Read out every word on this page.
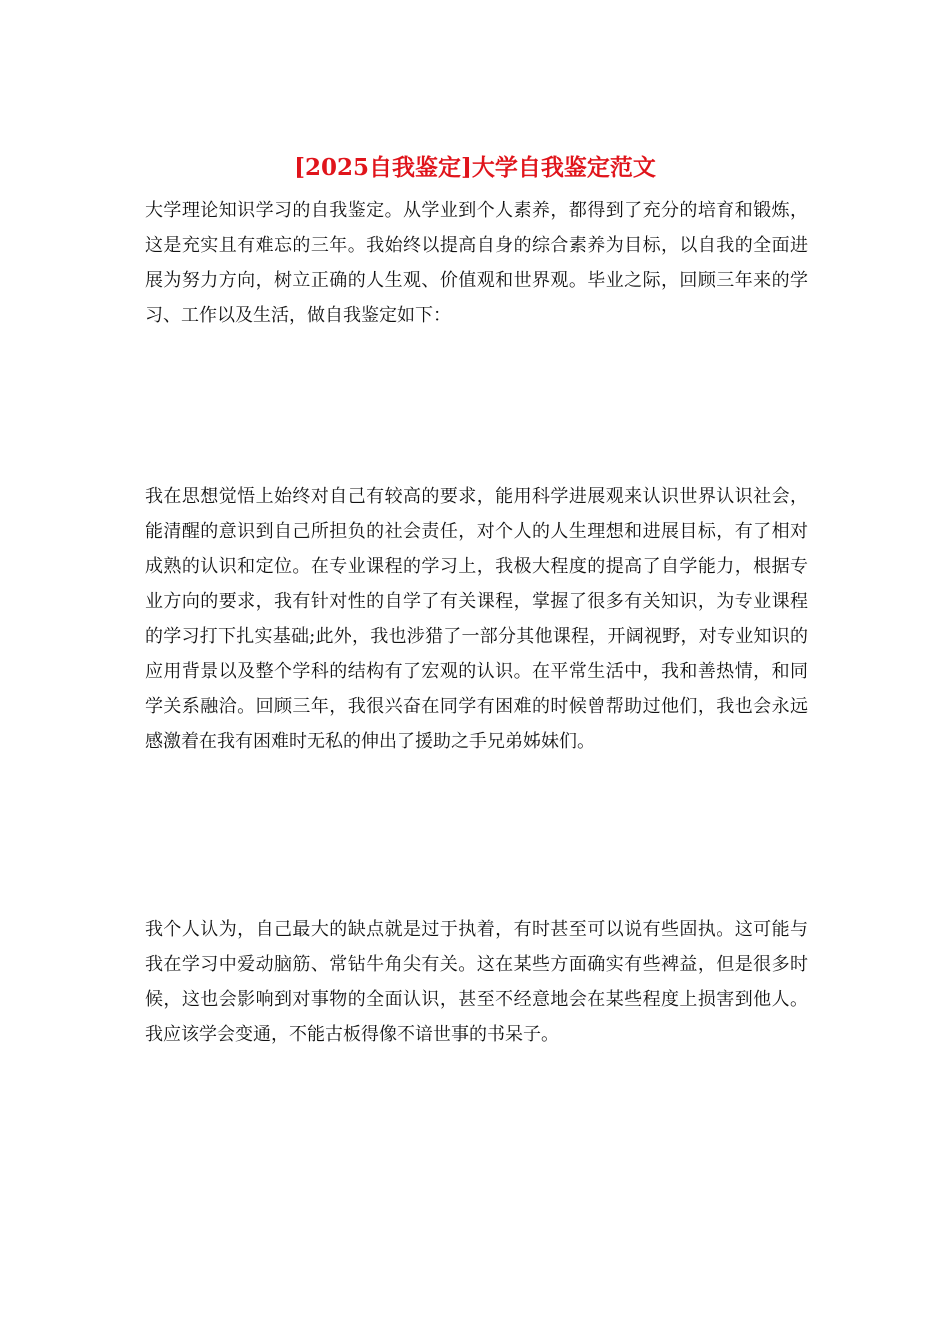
[2025自我鉴定]大学自我鉴定范文

大学理论知识学习的自我鉴定。从学业到个人素养，都得到了充分的培育和锻炼，这是充实且有难忘的三年。我始终以提高自身的综合素养为目标，以自我的全面进展为努力方向，树立正确的人生观、价值观和世界观。毕业之际，回顾三年来的学习、工作以及生活，做自我鉴定如下：

我在思想觉悟上始终对自己有较高的要求，能用科学进展观来认识世界认识社会，能清醒的意识到自己所担负的社会责任，对个人的人生理想和进展目标，有了相对成熟的认识和定位。在专业课程的学习上，我极大程度的提高了自学能力，根据专业方向的要求，我有针对性的自学了有关课程，掌握了很多有关知识，为专业课程的学习打下扎实基础;此外，我也涉猎了一部分其他课程，开阔视野，对专业知识的应用背景以及整个学科的结构有了宏观的认识。在平常生活中，我和善热情，和同学关系融洽。回顾三年，我很兴奋在同学有困难的时候曾帮助过他们，我也会永远感激着在我有困难时无私的伸出了援助之手兄弟姊妹们。

我个人认为，自己最大的缺点就是过于执着，有时甚至可以说有些固执。这可能与我在学习中爱动脑筋、常钻牛角尖有关。这在某些方面确实有些裨益，但是很多时候，这也会影响到对事物的全面认识，甚至不经意地会在某些程度上损害到他人。我应该学会变通，不能古板得像不谙世事的书呆子。
